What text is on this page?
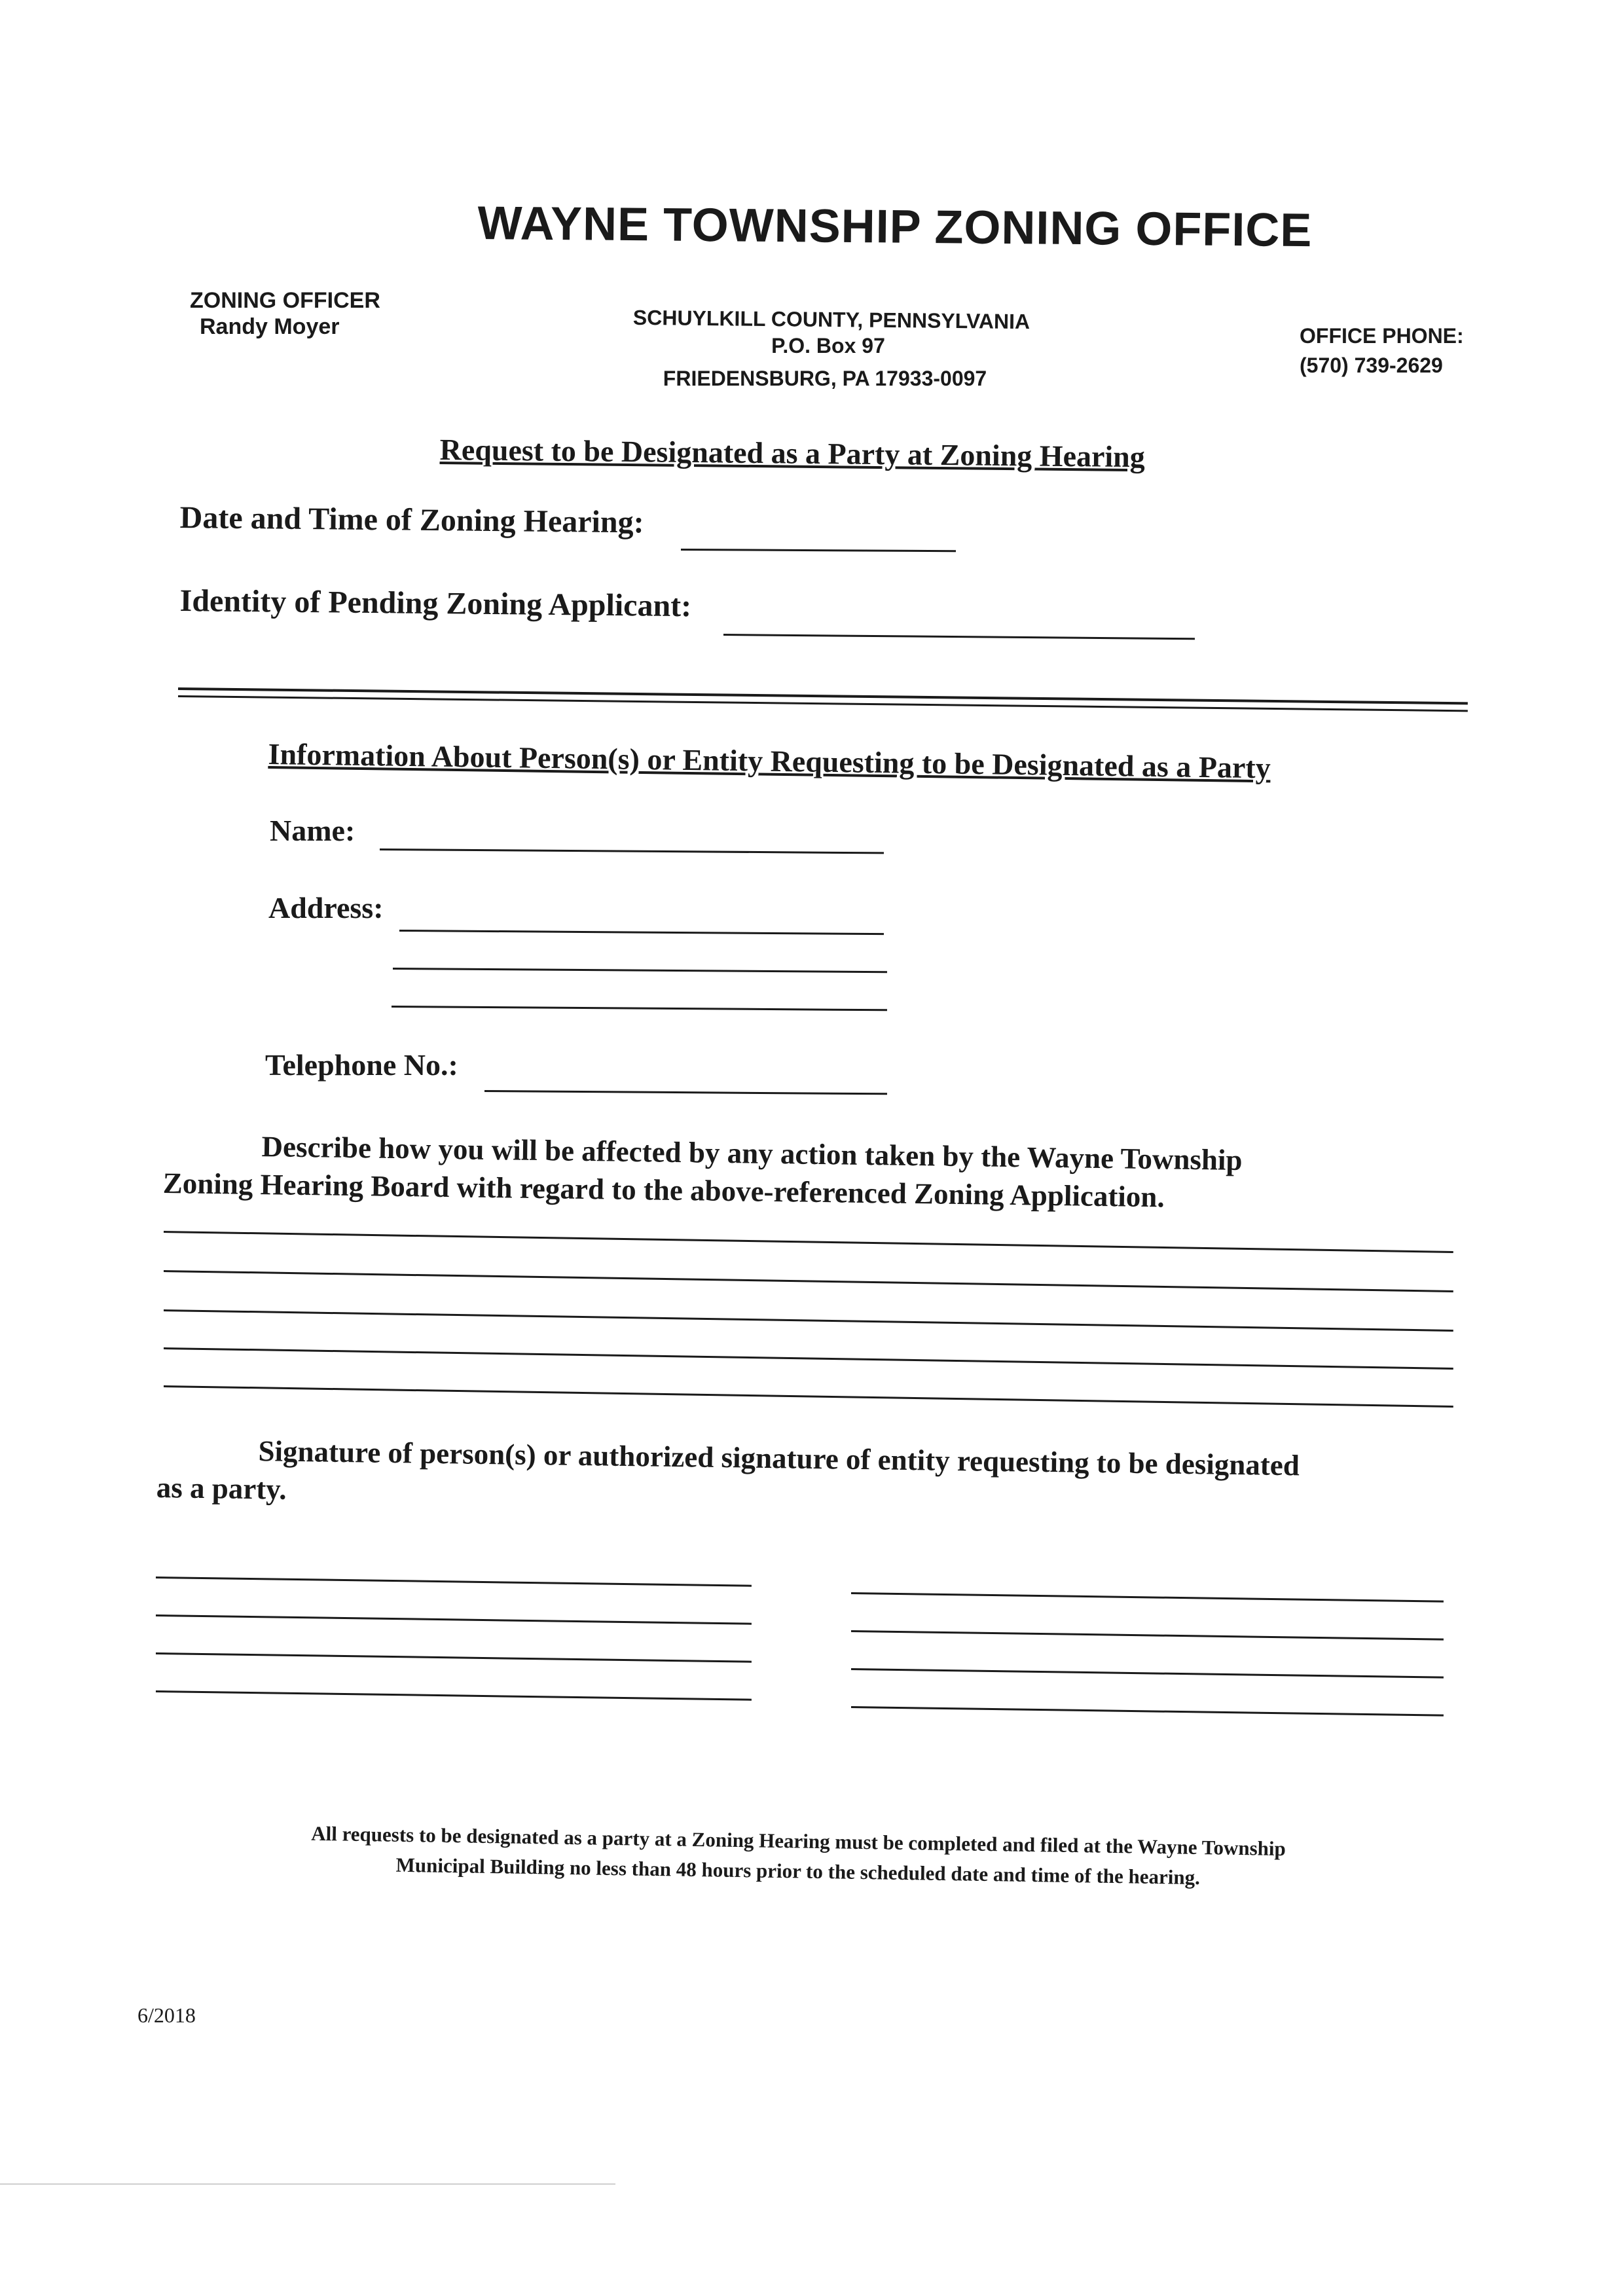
WAYNE TOWNSHIP ZONING OFFICE
ZONING OFFICER
Randy Moyer	SCHUYLKILL COUNTY, PENNSYLVANIA
P.O. Box 97
FRIEDENSBURG, PA 17933-0097
OFFICE PHONE:
(570) 739-2629
Request to be Designated as a Party at Zoning Hearing
Date and Time of Zoning Hearing:
Identity of Pending Zoning Applicant:
Information About Person(s) or Entity Requesting to be Designated as a Party
Name:
Address:
Telephone No.:
Describe how you will be affected by any action taken by the Wayne Township
Zoning Hearing Board with regard to the above-referenced Zoning Application.
Signature of person(s) or authorized signature of entity requesting to be designated
as a party.
All requests to be designated as a party at a Zoning Hearing must be completed and filed at the Wayne Township
Municipal Building no less than 48 hours prior to the scheduled date and time of the hearing.
6/2018
